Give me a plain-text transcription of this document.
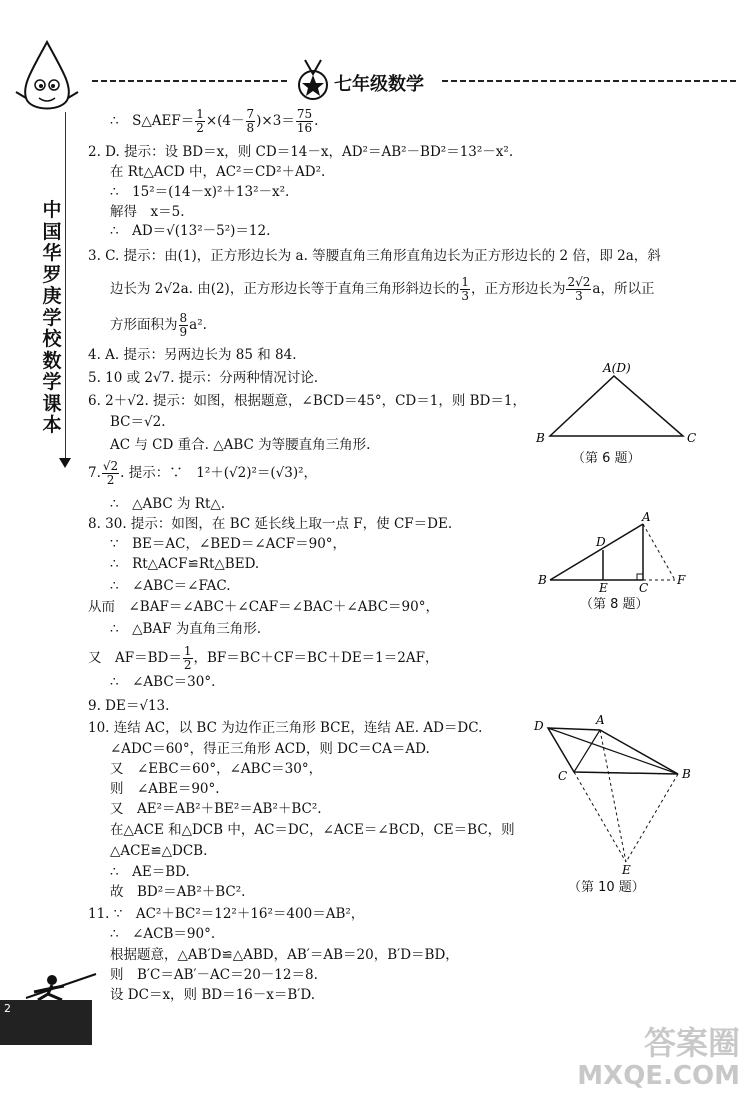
七年级数学
中
国
华
罗
庚
学
校
数
学
课
本
∴　S△AEF＝ $\frac{1}{2} \times(4- \frac{7}{8} )\times 3= \frac{75}{16}$ .
2. D. 提示：设 BD＝x，则 CD＝14－x，AD²＝AB²－BD²＝13²－x².
在 Rt△ACD 中，AC²＝CD²＋AD².
∴　15²＝(14－x)²＋13²－x².
解得　x＝5.
∴　AD＝√(13²－5²)＝12.
3. C. 提示：由(1)，正方形边长为 a. 等腰直角三角形直角边长为正方形边长的 2 倍，即 2a，斜
边长为 2√2a. 由(2)，正方形边长等于直角三角形斜边长的 $\frac{1}{3}$ ，正方形边长为 $\frac{2√2}{3}$ a，所以正
方形面积为 $\frac{8}{9} a^2$.
4. A. 提示：另两边长为 85 和 84.
5. 10 或 2√7. 提示：分两种情况讨论.
6. 2＋√2. 提示：如图，根据题意，∠BCD＝45°，CD＝1，则 BD＝1，
BC＝√2.
AC 与 CD 重合. △ABC 为等腰直角三角形.
7. $\frac{√2}{2}$ . 提示：∵　1²＋(√2)²＝(√3)²，
∴　△ABC 为 Rt△.
8. 30. 提示：如图，在 BC 延长线上取一点 F，使 CF＝DE.
∵　BE＝AC，∠BED＝∠ACF＝90°，
∴　Rt△ACF≌Rt△BED.
∴　∠ABC＝∠FAC.
从而　∠BAF＝∠ABC＋∠CAF＝∠BAC＋∠ABC＝90°，
∴　△BAF 为直角三角形.
又　$AF=BD= \frac{1}{2}$ ，BF＝BC＋CF＝BC＋DE＝1＝2AF，
∴　∠ABC＝30°.
9. DE＝√13.
10. 连结 AC，以 BC 为边作正三角形 BCE，连结 AE. AD＝DC.
∠ADC＝60°，得正三角形 ACD，则 DC＝CA＝AD.
又　∠EBC＝60°，∠ABC＝30°，
则　∠ABE＝90°.
又　AE²＝AB²＋BE²＝AB²＋BC².
在△ACE 和△DCB 中，AC＝DC，∠ACE＝∠BCD，CE＝BC，则
△ACE≌△DCB.
∴　AE＝BD.
故　BD²＝AB²＋BC².
11. ∵　AC²＋BC²＝12²＋16²＝400＝AB²，
∴　∠ACB＝90°.
根据题意，△AB′D≌△ABD，AB′＝AB＝20，B′D＝BD，
则　B′C＝AB′－AC＝20－12＝8.
设 DC＝x，则 BD＝16－x＝B′D.
A(D)
B	C
（第 6 题）
A
D
B
E	C
F
（第 8 题）
D	A
C	B
E
（第 10 题）
2
答案圈
MXQE.COM
